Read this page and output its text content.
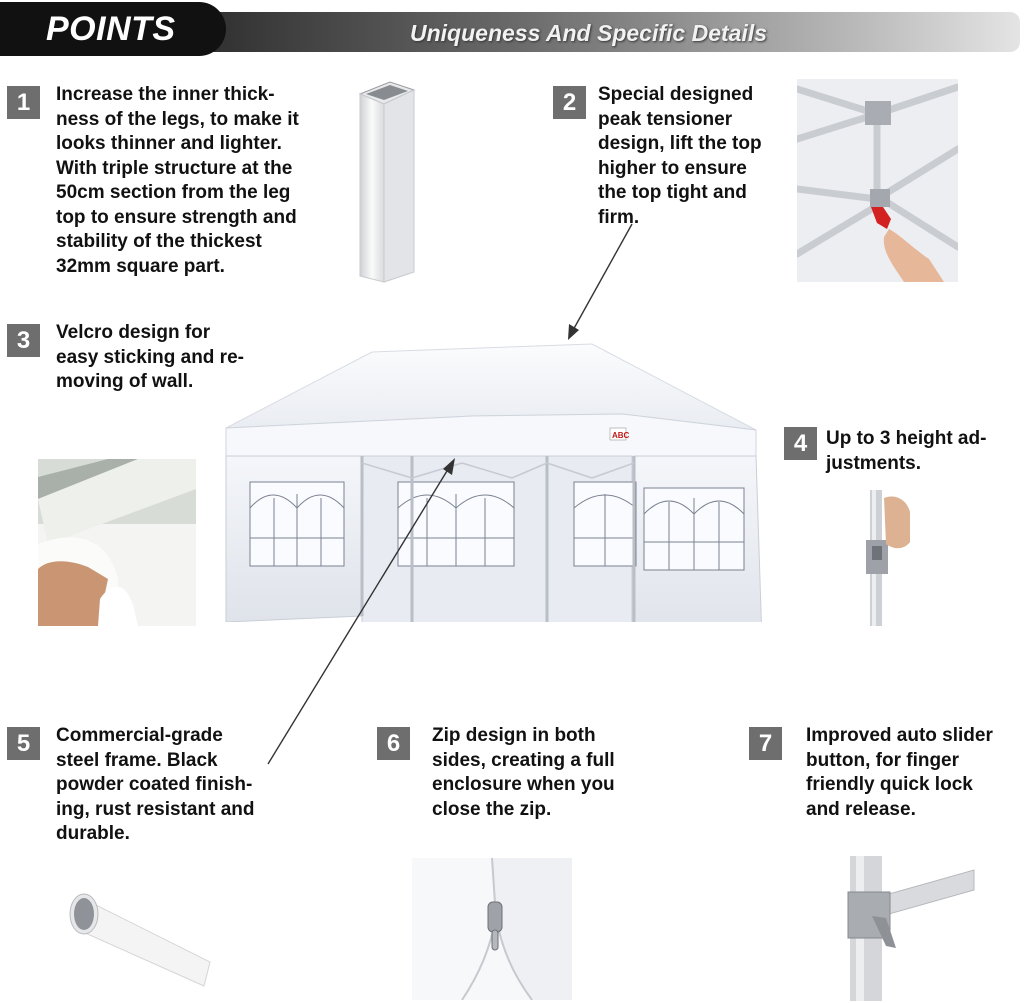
POINTS	Uniqueness And Specific Details
1	Increase the inner thick-
ness of the legs, to make it
looks thinner and lighter.
With triple structure at the
50cm section from the leg
top to ensure strength and
stability of the thickest
32mm square part.
2	Special designed
peak tensioner
design, lift the top
higher to ensure
the top tight and
firm.
3	Velcro design for
easy sticking and re-
moving of wall.
ABC	4 Up to 3 height ad-
justments.
5	Commercial-grade
steel frame. Black
powder coated finish-
ing, rust resistant and
durable.
6	Zip design in both
sides, creating a full
enclosure when you
close the zip.
7	Improved auto slider
button, for finger
friendly quick lock
and release.
